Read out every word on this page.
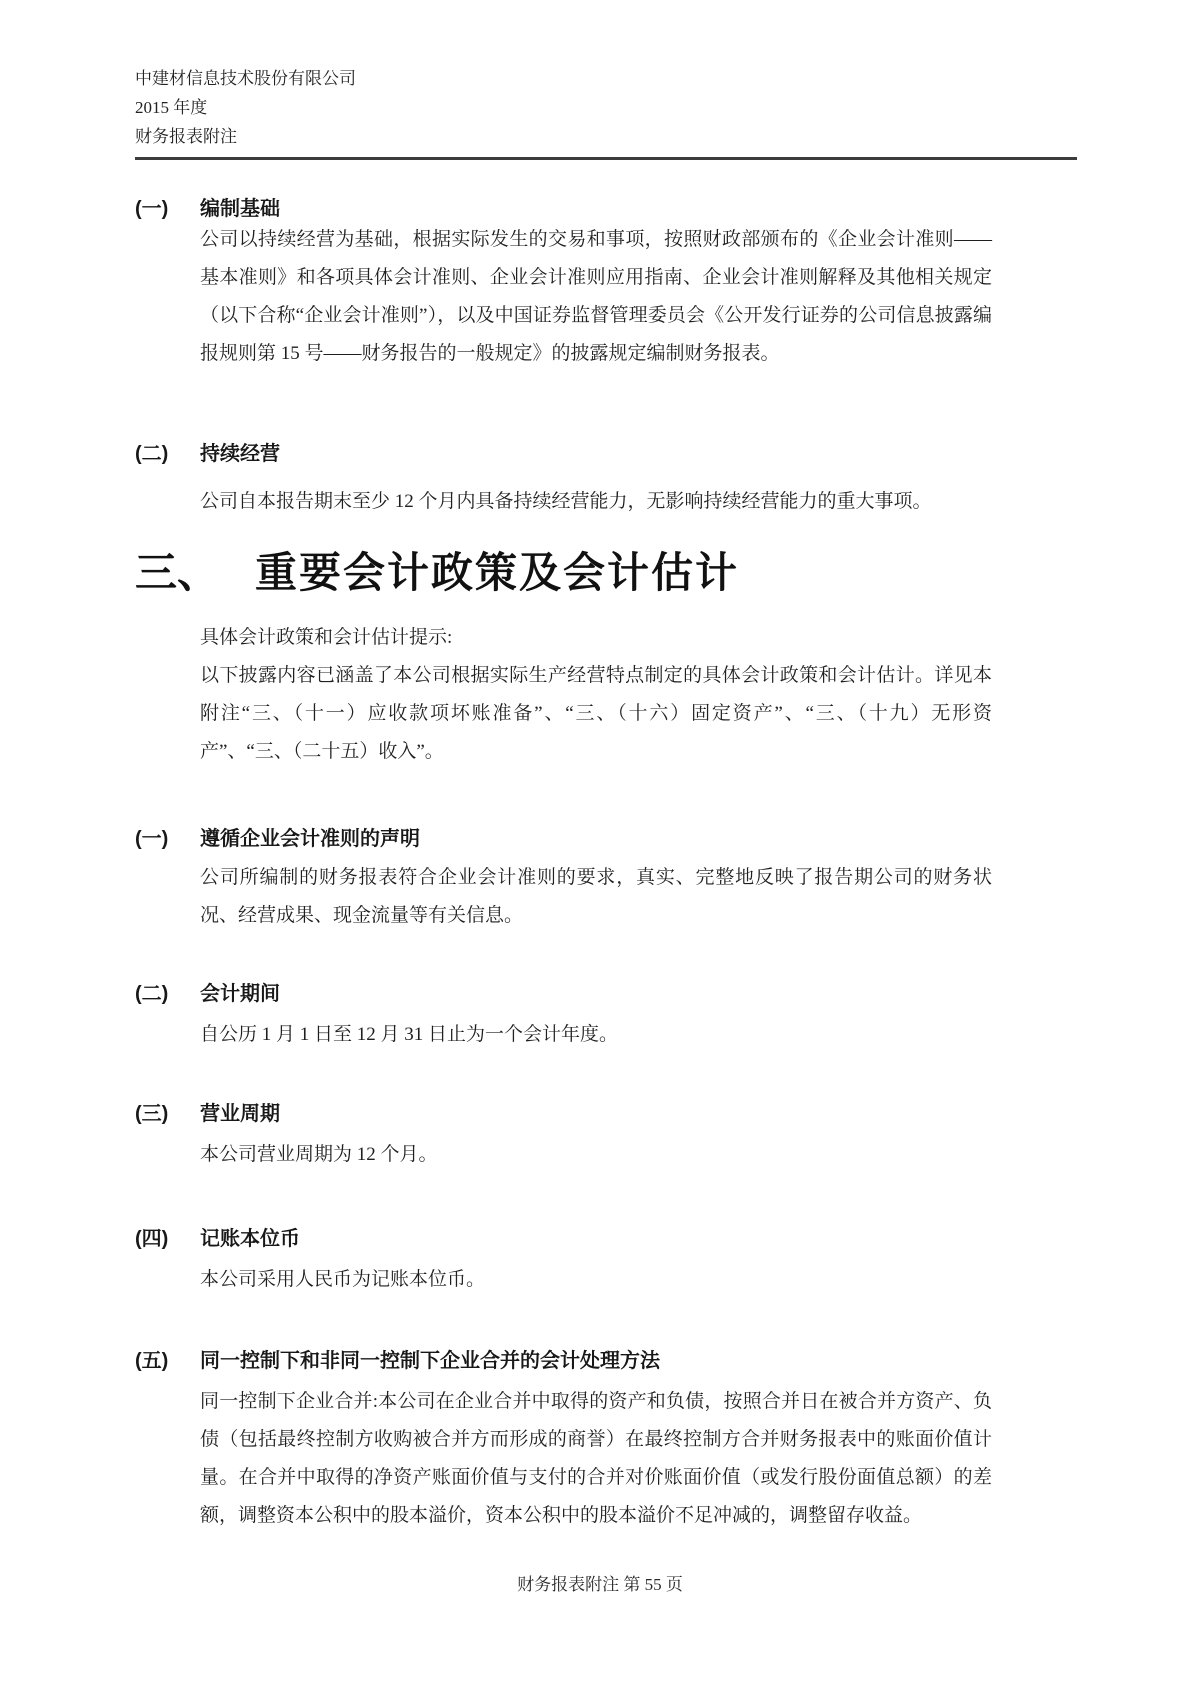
中建材信息技术股份有限公司
2015 年度
财务报表附注
(一)	编制基础
公司以持续经营为基础，根据实际发生的交易和事项，按照财政部颁布的《企业会计准则——基本准则》和各项具体会计准则、企业会计准则应用指南、企业会计准则解释及其他相关规定（以下合称“企业会计准则”），以及中国证券监督管理委员会《公开发行证券的公司信息披露编报规则第 15 号——财务报告的一般规定》的披露规定编制财务报表。
(二)	持续经营
公司自本报告期末至少 12 个月内具备持续经营能力，无影响持续经营能力的重大事项。
三、 重要会计政策及会计估计
具体会计政策和会计估计提示:
以下披露内容已涵盖了本公司根据实际生产经营特点制定的具体会计政策和会计估计。详见本附注“三、（十一）应收款项坏账准备”、“三、（十六）固定资产”、“三、（十九）无形资产”、“三、（二十五）收入”。
(一)	遵循企业会计准则的声明
公司所编制的财务报表符合企业会计准则的要求，真实、完整地反映了报告期公司的财务状况、经营成果、现金流量等有关信息。
(二)	会计期间
自公历 1 月 1 日至 12 月 31 日止为一个会计年度。
(三)	营业周期
本公司营业周期为 12 个月。
(四)	记账本位币
本公司采用人民币为记账本位币。
(五)	同一控制下和非同一控制下企业合并的会计处理方法
同一控制下企业合并:本公司在企业合并中取得的资产和负债，按照合并日在被合并方资产、负债（包括最终控制方收购被合并方而形成的商誉）在最终控制方合并财务报表中的账面价值计量。在合并中取得的净资产账面价值与支付的合并对价账面价值（或发行股份面值总额）的差额，调整资本公积中的股本溢价，资本公积中的股本溢价不足冲减的，调整留存收益。
财务报表附注 第 55 页
